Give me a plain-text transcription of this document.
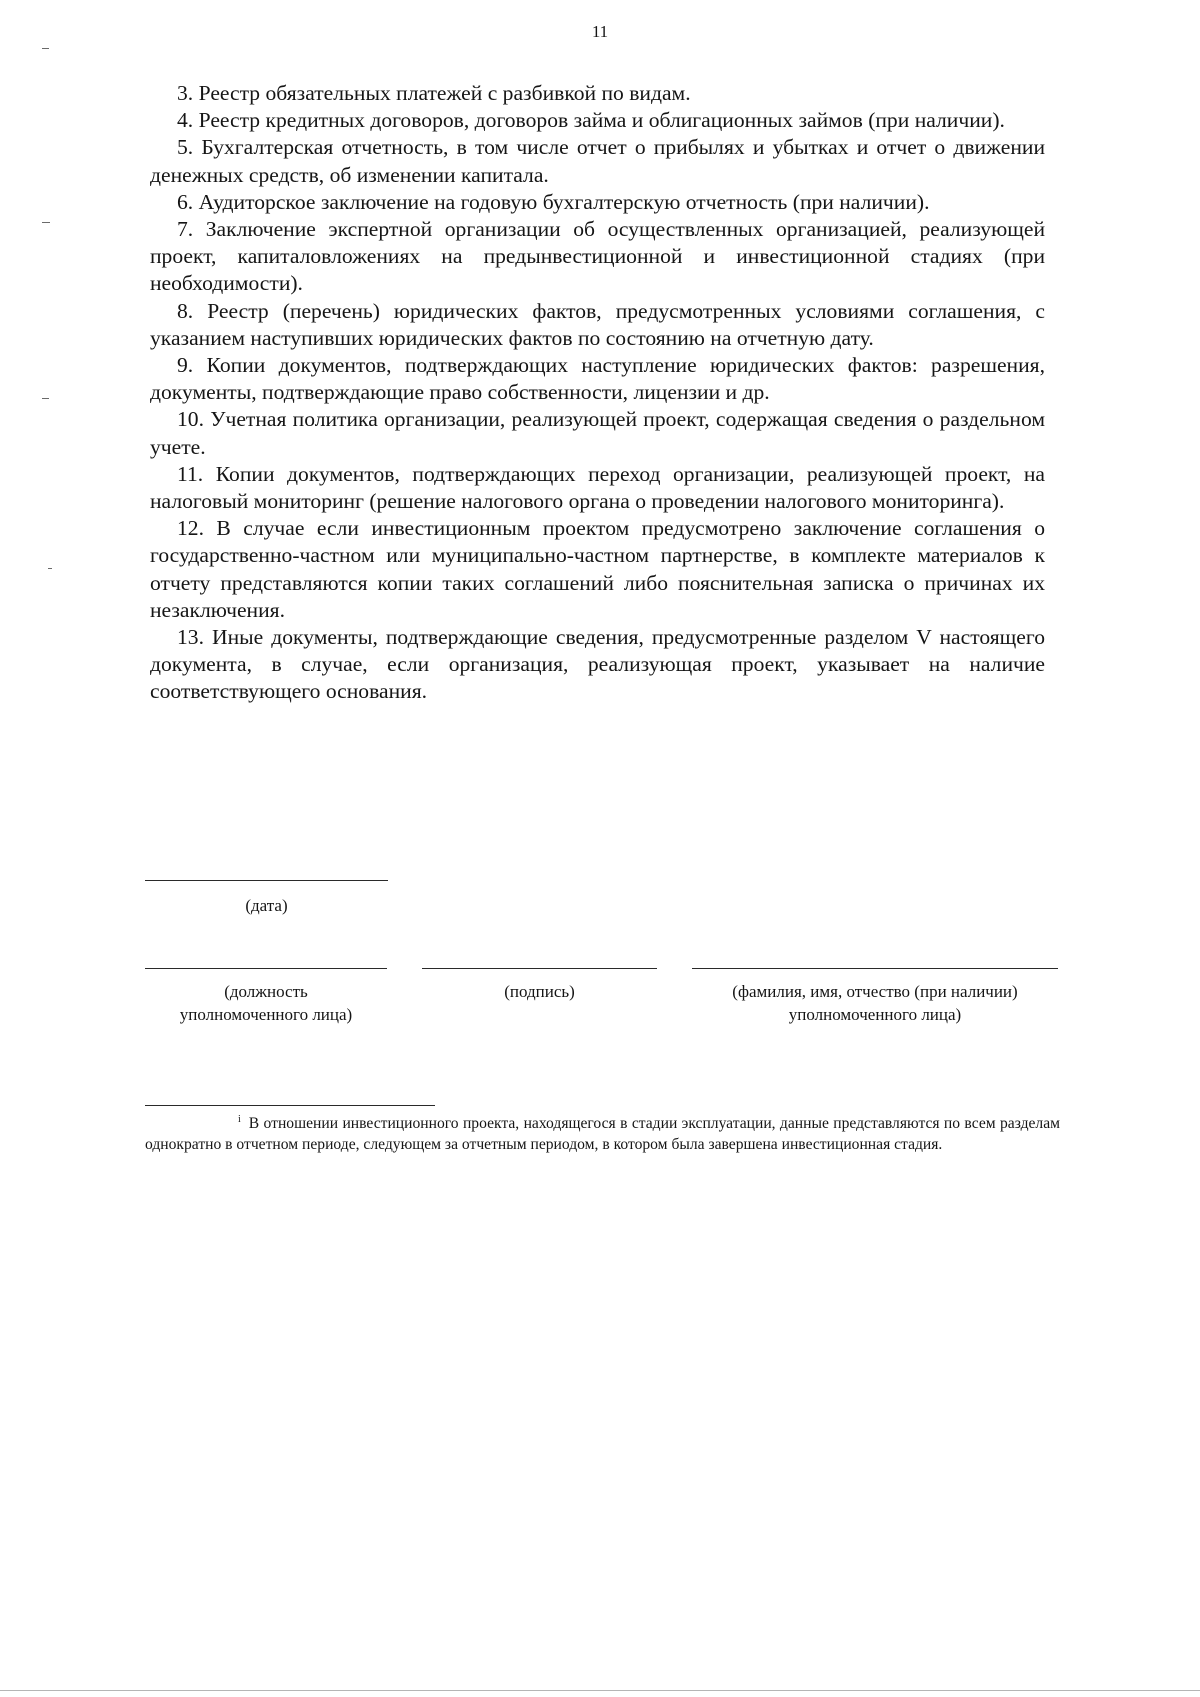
11

3. Реестр обязательных платежей с разбивкой по видам.

4. Реестр кредитных договоров, договоров займа и облигационных займов (при наличии).

5. Бухгалтерская отчетность, в том числе отчет о прибылях и убытках и отчет о движении денежных средств, об изменении капитала.

6. Аудиторское заключение на годовую бухгалтерскую отчетность (при наличии).

7. Заключение экспертной организации об осуществленных организацией, реализующей проект, капиталовложениях на предынвестиционной и инвестиционной стадиях (при необходимости).

8. Реестр (перечень) юридических фактов, предусмотренных условиями соглашения, с указанием наступивших юридических фактов по состоянию на отчетную дату.

9. Копии документов, подтверждающих наступление юридических фактов: разрешения, документы, подтверждающие право собственности, лицензии и др.

10. Учетная политика организации, реализующей проект, содержащая сведения о раздельном учете.

11. Копии документов, подтверждающих переход организации, реализующей проект, на налоговый мониторинг (решение налогового органа о проведении налогового мониторинга).

12. В случае если инвестиционным проектом предусмотрено заключение соглашения о государственно-частном или муниципально-частном партнерстве, в комплекте материалов к отчету представляются копии таких соглашений либо пояснительная записка о причинах их незаключения.

13. Иные документы, подтверждающие сведения, предусмотренные разделом V настоящего документа, в случае, если организация, реализующая проект, указывает на наличие соответствующего основания.

(дата)
(должность
уполномоченного лица)
(подпись)	(фамилия, имя, отчество (при наличии)
уполномоченного лица)
$^i$ В отношении инвестиционного проекта, находящегося в стадии эксплуатации, данные представляются по всем разделам однократно в отчетном периоде, следующем за отчетным периодом, в котором была завершена инвестиционная стадия.
